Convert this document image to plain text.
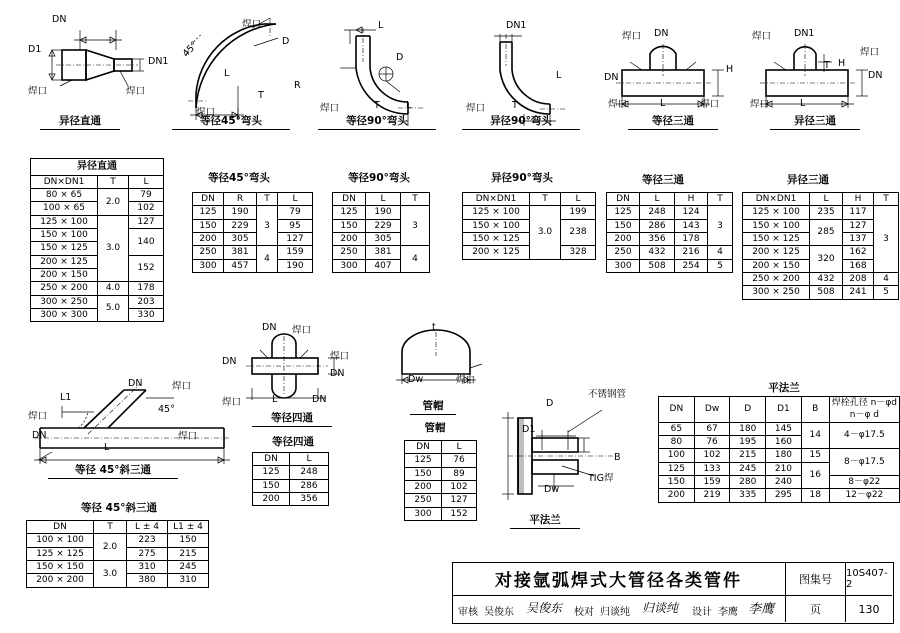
DN
D1
DN1
焊口	焊口
异径直通
焊口
45°	D
R
T
焊口
L
等径45°弯头
L
D
焊口	T	L
等径90°弯头
DN1
焊口	T
L
异径90°弯头
焊口 DN
DN
焊口	L	焊口
H
等径三通
焊口 DN1
焊口
DN
L
H
T
焊口
异径三通
异径直通		
DN×DN1	T	L
80 × 65	2.0	79
100 × 65		102
125 × 100	3.0	127
150 × 100		140
150 × 125		
200 × 125		152
200 × 150		
250 × 200	4.0	178
300 × 250	5.0	203
300 × 300		330
等径45°弯头
DN	R	T	L
125	190	3	79
150	229		95
200	305		127
250	381	4	159
300	457		190
等径90°弯头
DN	L	T
125	190	3
150	229	
200	305	
250	381	4
300	407	
异径90°弯头
DN×DN1	T	L
125 × 100	3.0	199
150 × 100		238
150 × 125		
200 × 125		328
等径三通
DN	L	H	T
125	248	124	3
150	286	143	
200	356	178	
250	432	216	4
300	508	254	5
异径三通
DN×DN1	L	H	T
125 × 100	235	117	3
150 × 100	285	127	
150 × 125		137	
200 × 125	320	162	
200 × 150		168	
250 × 200	432	208	4
300 × 250	508	241	5
DN 焊口
焊口
DN
DN
焊口	L	DN
等径四通
Dw	焊口
t
管帽
等径四通
DN	L
125	248
150	286
200	356
管帽
DN	L
125	76
150	89
200	102
250	127
300	152
L1
DN	焊口
45°
焊口
DN
L
焊口
等径 45°斜三通
等径 45°斜三通
DN	T	L ± 4	L1 ± 4
100 × 100	2.0	223	150
125 × 125		275	215
150 × 150	3.0	310	245
200 × 200		380	310
不锈钢管
D
D1
Dw
B
TIG焊
平法兰
平法兰
DN	Dw	D	D1	B	焊栓孔径 n－φd
					n－φ d
65	67	180	145	14	4－φ17.5
80	76	195	160		
100	102	215	180	15	8－φ17.5
125	133	245	210	16	
150	159	280	240		8－φ22
200	219	335	295	18	12－φ22
对接氩弧焊式大管径各类管件	图集号 10S407-2
审核 吴俊东 吴俊东 校对 归谈纯 归谈纯 设计 李鹰 李鹰	页	130
